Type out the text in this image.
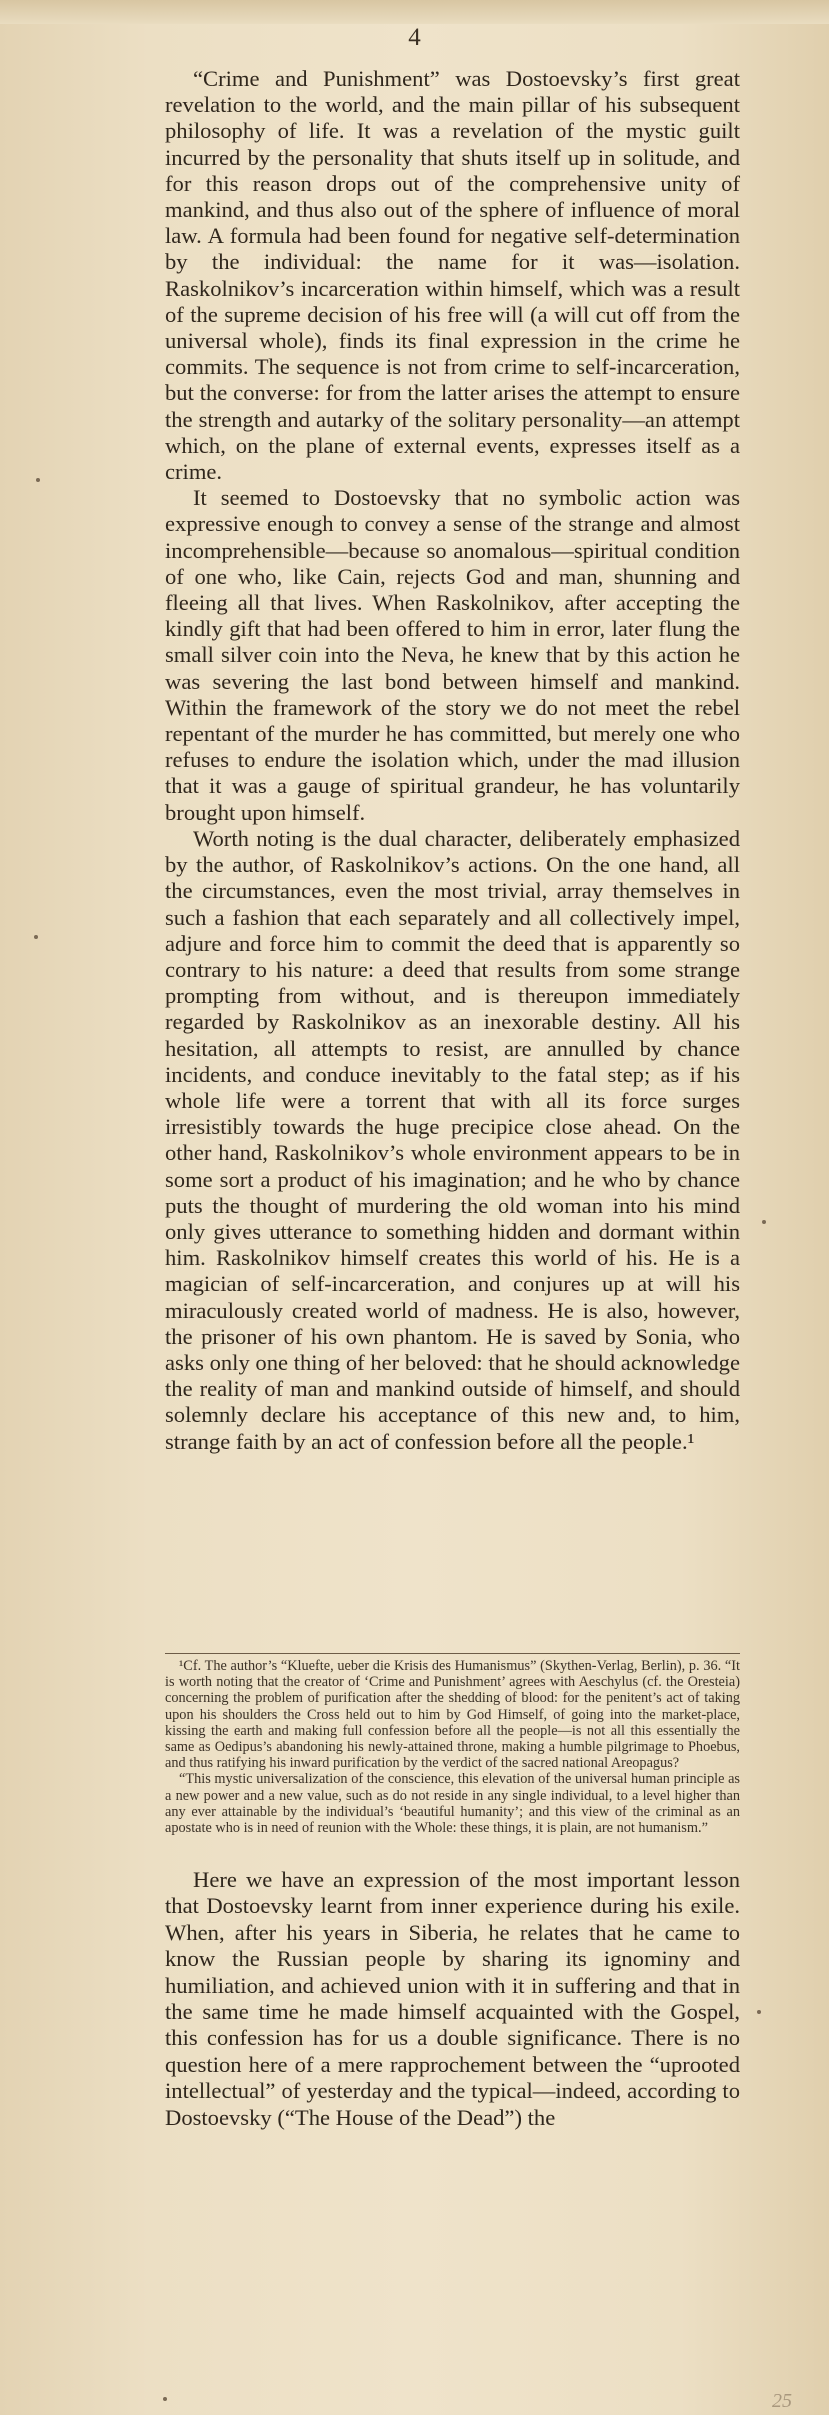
4

“Crime and Punishment” was Dostoevsky’s first great revelation to the world, and the main pillar of his subsequent philosophy of life. It was a revelation of the mystic guilt incurred by the personality that shuts itself up in solitude, and for this reason drops out of the comprehensive unity of mankind, and thus also out of the sphere of influence of moral law. A formula had been found for negative self-determination by the individual: the name for it was—isolation. Raskolnikov’s incarceration within himself, which was a result of the supreme decision of his free will (a will cut off from the universal whole), finds its final expression in the crime he commits. The sequence is not from crime to self-incarceration, but the converse: for from the latter arises the attempt to ensure the strength and autarky of the solitary personality—an attempt which, on the plane of external events, expresses itself as a crime.

It seemed to Dostoevsky that no symbolic action was expressive enough to convey a sense of the strange and almost incomprehensible—because so anomalous—spiritual condition of one who, like Cain, rejects God and man, shunning and fleeing all that lives. When Raskolnikov, after accepting the kindly gift that had been offered to him in error, later flung the small silver coin into the Neva, he knew that by this action he was severing the last bond between himself and mankind. Within the framework of the story we do not meet the rebel repentant of the murder he has committed, but merely one who refuses to endure the isolation which, under the mad illusion that it was a gauge of spiritual grandeur, he has voluntarily brought upon himself.

Worth noting is the dual character, deliberately emphasized by the author, of Raskolnikov’s actions. On the one hand, all the circumstances, even the most trivial, array themselves in such a fashion that each separately and all collectively impel, adjure and force him to commit the deed that is apparently so contrary to his nature: a deed that results from some strange prompting from without, and is thereupon immediately regarded by Raskolnikov as an inexorable destiny. All his hesitation, all attempts to resist, are annulled by chance incidents, and conduce inevitably to the fatal step; as if his whole life were a torrent that with all its force surges irresistibly towards the huge precipice close ahead. On the other hand, Raskolnikov’s whole environment appears to be in some sort a product of his imagination; and he who by chance puts the thought of murdering the old woman into his mind only gives utterance to something hidden and dormant within him. Raskolnikov himself creates this world of his. He is a magician of self-incarceration, and conjures up at will his miraculously created world of madness. He is also, however, the prisoner of his own phantom. He is saved by Sonia, who asks only one thing of her beloved: that he should acknowledge the reality of man and mankind outside of himself, and should solemnly declare his acceptance of this new and, to him, strange faith by an act of confession before all the people.¹

¹Cf. The author’s “Kluefte, ueber die Krisis des Humanismus” (Skythen-Verlag, Berlin), p. 36. “It is worth noting that the creator of ‘Crime and Punishment’ agrees with Aeschylus (cf. the Oresteia) concerning the problem of purification after the shedding of blood: for the penitent’s act of taking upon his shoulders the Cross held out to him by God Himself, of going into the market-place, kissing the earth and making full confession before all the people—is not all this essentially the same as Oedipus’s abandoning his newly-attained throne, making a humble pilgrimage to Phoebus, and thus ratifying his inward purification by the verdict of the sacred national Areopagus?

“This mystic universalization of the conscience, this elevation of the universal human principle as a new power and a new value, such as do not reside in any single individual, to a level higher than any ever attainable by the individual’s ‘beautiful humanity’; and this view of the criminal as an apostate who is in need of reunion with the Whole: these things, it is plain, are not humanism.”

Here we have an expression of the most important lesson that Dostoevsky learnt from inner experience during his exile. When, after his years in Siberia, he relates that he came to know the Russian people by sharing its ignominy and humiliation, and achieved union with it in suffering and that in the same time he made himself acquainted with the Gospel, this confession has for us a double significance. There is no question here of a mere rapprochement between the “uprooted intellectual” of yesterday and the typical—indeed, according to Dostoevsky (“The House of the Dead”) the

25
